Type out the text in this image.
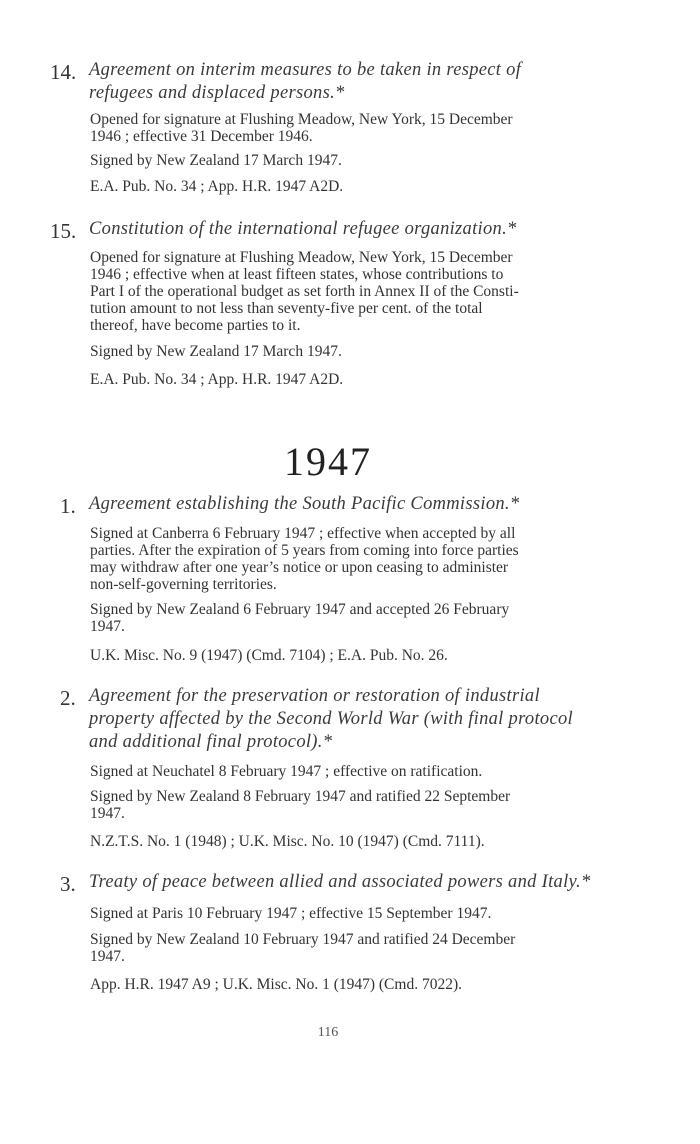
14. Agreement on interim measures to be taken in respect of
refugees and displaced persons.*
Opened for signature at Flushing Meadow, New York, 15 December
1946 ; effective 31 December 1946.
Signed by New Zealand 17 March 1947.
E.A. Pub. No. 34 ; App. H.R. 1947 A2D.
15. Constitution of the international refugee organization.*
Opened for signature at Flushing Meadow, New York, 15 December
1946 ; effective when at least fifteen states, whose contributions to
Part I of the operational budget as set forth in Annex II of the Consti-
tution amount to not less than seventy-five per cent. of the total
thereof, have become parties to it.
Signed by New Zealand 17 March 1947.
E.A. Pub. No. 34 ; App. H.R. 1947 A2D.
1947
1. Agreement establishing the South Pacific Commission.*
Signed at Canberra 6 February 1947 ; effective when accepted by all
parties. After the expiration of 5 years from coming into force parties
may withdraw after one year’s notice or upon ceasing to administer
non-self-governing territories.
Signed by New Zealand 6 February 1947 and accepted 26 February
1947.
U.K. Misc. No. 9 (1947) (Cmd. 7104) ; E.A. Pub. No. 26.
2. Agreement for the preservation or restoration of industrial
property affected by the Second World War (with final protocol
and additional final protocol).*
Signed at Neuchatel 8 February 1947 ; effective on ratification.
Signed by New Zealand 8 February 1947 and ratified 22 September
1947.
N.Z.T.S. No. 1 (1948) ; U.K. Misc. No. 10 (1947) (Cmd. 7111).
3. Treaty of peace between allied and associated powers and Italy.*
Signed at Paris 10 February 1947 ; effective 15 September 1947.
Signed by New Zealand 10 February 1947 and ratified 24 December
1947.
App. H.R. 1947 A9 ; U.K. Misc. No. 1 (1947) (Cmd. 7022).
116
